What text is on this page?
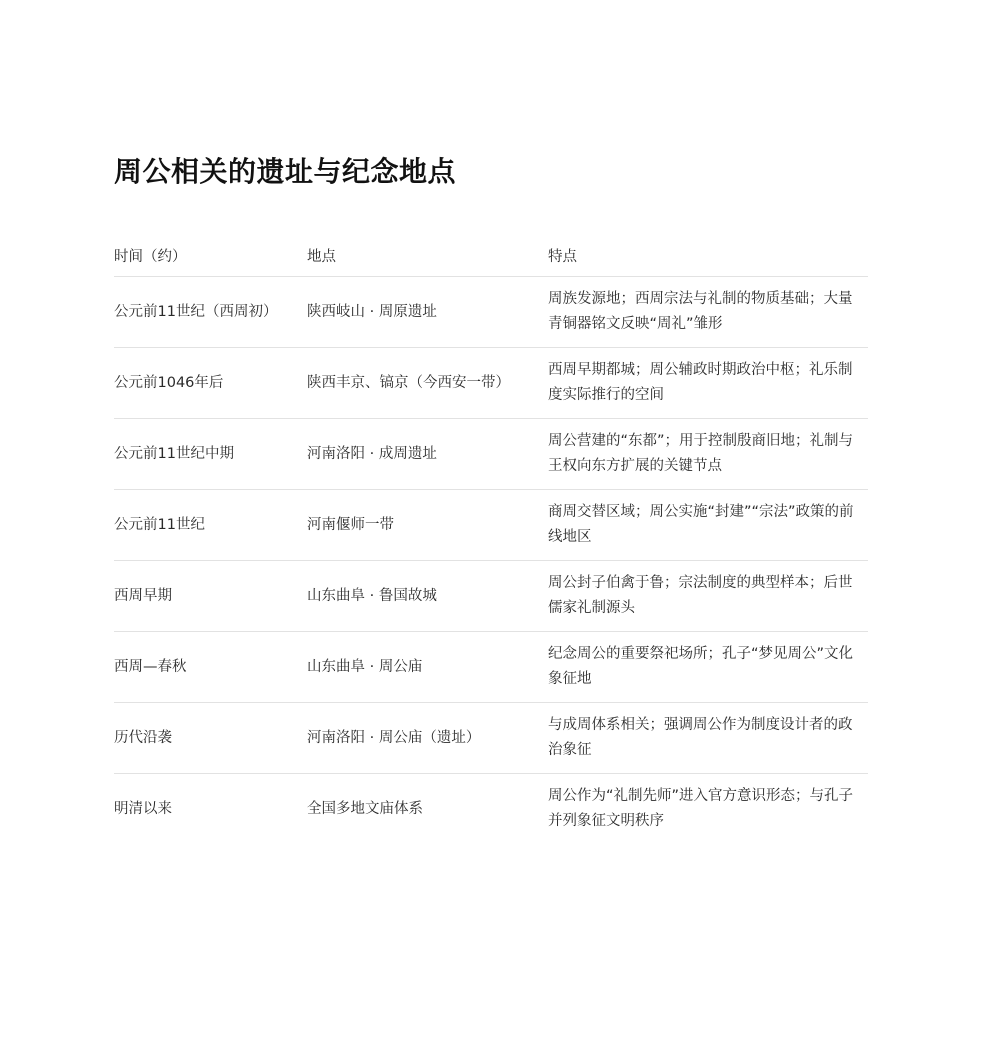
周公相关的遗址与纪念地点
时间（约）	地点	特点
公元前11世纪（西周初）	陕西岐山 · 周原遗址	周族发源地；西周宗法与礼制的物质基础；大量青铜器铭文反映“周礼”雏形
公元前1046年后	陕西丰京、镐京（今西安一带）	西周早期都城；周公辅政时期政治中枢；礼乐制度实际推行的空间
公元前11世纪中期	河南洛阳 · 成周遗址	周公营建的“东都”；用于控制殷商旧地；礼制与王权向东方扩展的关键节点
公元前11世纪	河南偃师一带	商周交替区域；周公实施“封建”“宗法”政策的前线地区
西周早期	山东曲阜 · 鲁国故城	周公封子伯禽于鲁；宗法制度的典型样本；后世儒家礼制源头
西周—春秋	山东曲阜 · 周公庙	纪念周公的重要祭祀场所；孔子“梦见周公”文化象征地
历代沿袭	河南洛阳 · 周公庙（遗址）	与成周体系相关；强调周公作为制度设计者的政治象征
明清以来	全国多地文庙体系	周公作为“礼制先师”进入官方意识形态；与孔子并列象征文明秩序
